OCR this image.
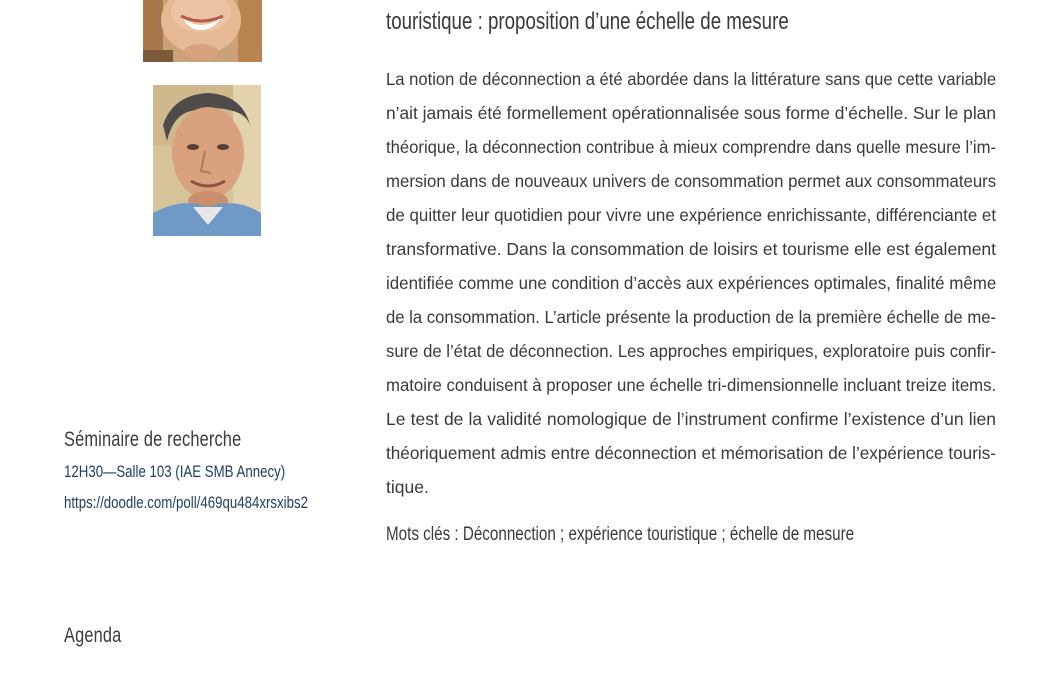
touristique : proposition d’une échelle de mesure
La notion de déconnection a été abordée dans la littérature sans que cette variable
n’ait jamais été formellement opérationnalisée sous forme d’échelle. Sur le plan
théorique, la déconnection contribue à mieux comprendre dans quelle mesure l’im-
mersion dans de nouveaux univers de consommation permet aux consommateurs
de quitter leur quotidien pour vivre une expérience enrichissante, différenciante et
transformative. Dans la consommation de loisirs et tourisme elle est également
identifiée comme une condition d’accès aux expériences optimales, finalité même
de la consommation. L’article présente la production de la première échelle de me-
sure de l’état de déconnection. Les approches empiriques, exploratoire puis confir-
matoire conduisent à proposer une échelle tri-dimensionnelle incluant treize items.
Le test de la validité nomologique de l’instrument confirme l’existence d’un lien
théoriquement admis entre déconnection et mémorisation de l’expérience touris-
tique.
Mots clés : Déconnection ; expérience touristique ; échelle de mesure
Séminaire de recherche
12H30—Salle 103 (IAE SMB Annecy)
https://doodle.com/poll/469qu484xrsxibs2
Agenda
